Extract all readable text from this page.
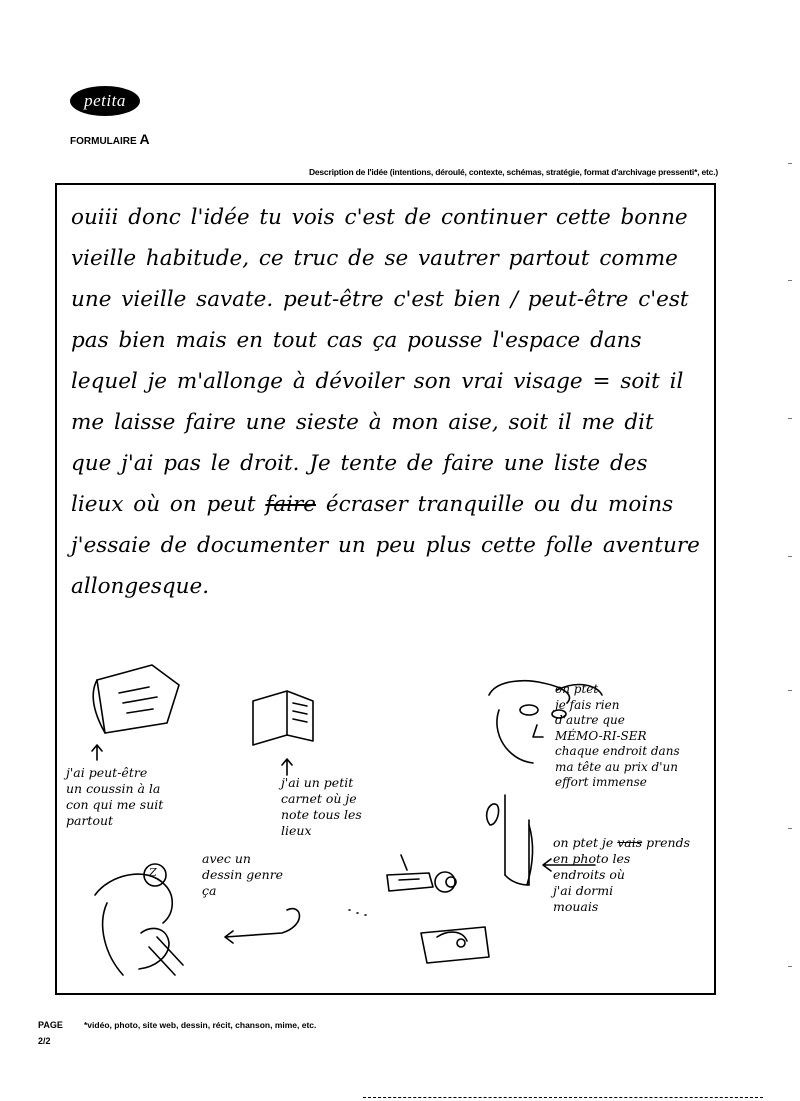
petita
FORMULAIRE A
Description de l'idée (intentions, déroulé, contexte, schémas, stratégie, format d'archivage pressenti*, etc.)

ouiii donc l'idée tu vois c'est de continuer cette bonne vieille habitude, ce truc de se vautrer partout comme une vieille savate. peut-être c'est bien / peut-être c'est pas bien mais en tout cas ça pousse l'espace dans lequel je m'allonge à dévoiler son vrai visage = soit il me laisse faire une sieste à mon aise, soit il me dit que j'ai pas le droit. Je tente de faire une liste des lieux où on peut faire écraser tranquille ou du moins j'essaie de documenter un peu plus cette folle aventure allongesque.

j'ai peut-être
un coussin à la
con qui me suit
partout

j'ai un petit
carnet où je
note tous les
lieux

on ptet
je fais rien
d'autre que
MÉMO-RI-SER
chaque endroit dans
ma tête au prix d'un
effort immense

avec un
dessin genre
ça

Z

on ptet je vais prends
en photo les
endroits où
j'ai dormi
mouais

PAGE *vidéo, photo, site web, dessin, récit, chanson, mime, etc.
2/2
